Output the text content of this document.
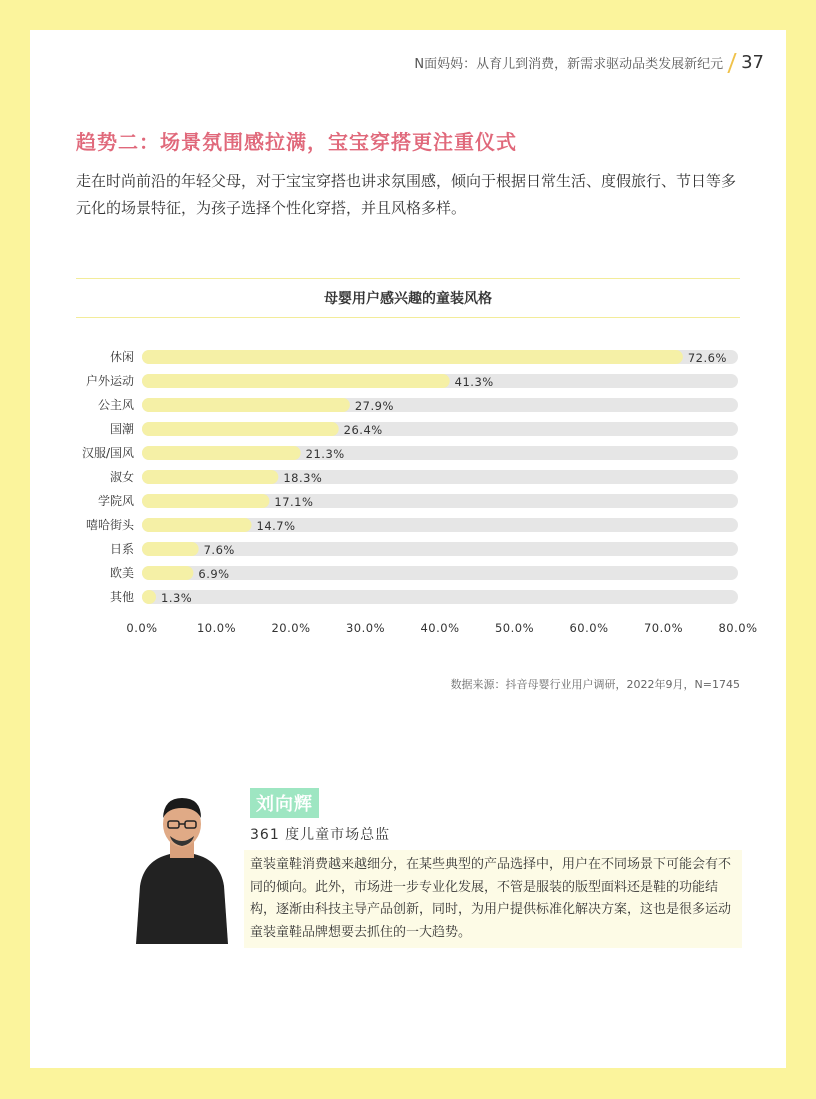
N面妈妈：从育儿到消费，新需求驱动品类发展新纪元 37
趋势二：场景氛围感拉满，宝宝穿搭更注重仪式
走在时尚前沿的年轻父母，对于宝宝穿搭也讲求氛围感，倾向于根据日常生活、度假旅行、节日等多元化的场景特征，为孩子选择个性化穿搭，并且风格多样。
母婴用户感兴趣的童装风格
休闲	72.6%
户外运动	41.3%
公主风	27.9%
国潮	26.4%
汉服/国风	21.3%
淑女	18.3%
学院风	17.1%
嘻哈街头	14.7%
日系	7.6%
欧美	6.9%
其他 1.3%
0.0%	10.0%	20.0%	30.0%	40.0%	50.0%	60.0%	70.0%	80.0%
数据来源：抖音母婴行业用户调研，2022年9月，N=1745
刘向辉
361 度儿童市场总监
童装童鞋消费越来越细分，在某些典型的产品选择中，用户在不同场景下可能会有不同的倾向。此外，市场进一步专业化发展，不管是服装的版型面料还是鞋的功能结构，逐渐由科技主导产品创新，同时，为用户提供标准化解决方案，这也是很多运动童装童鞋品牌想要去抓住的一大趋势。
